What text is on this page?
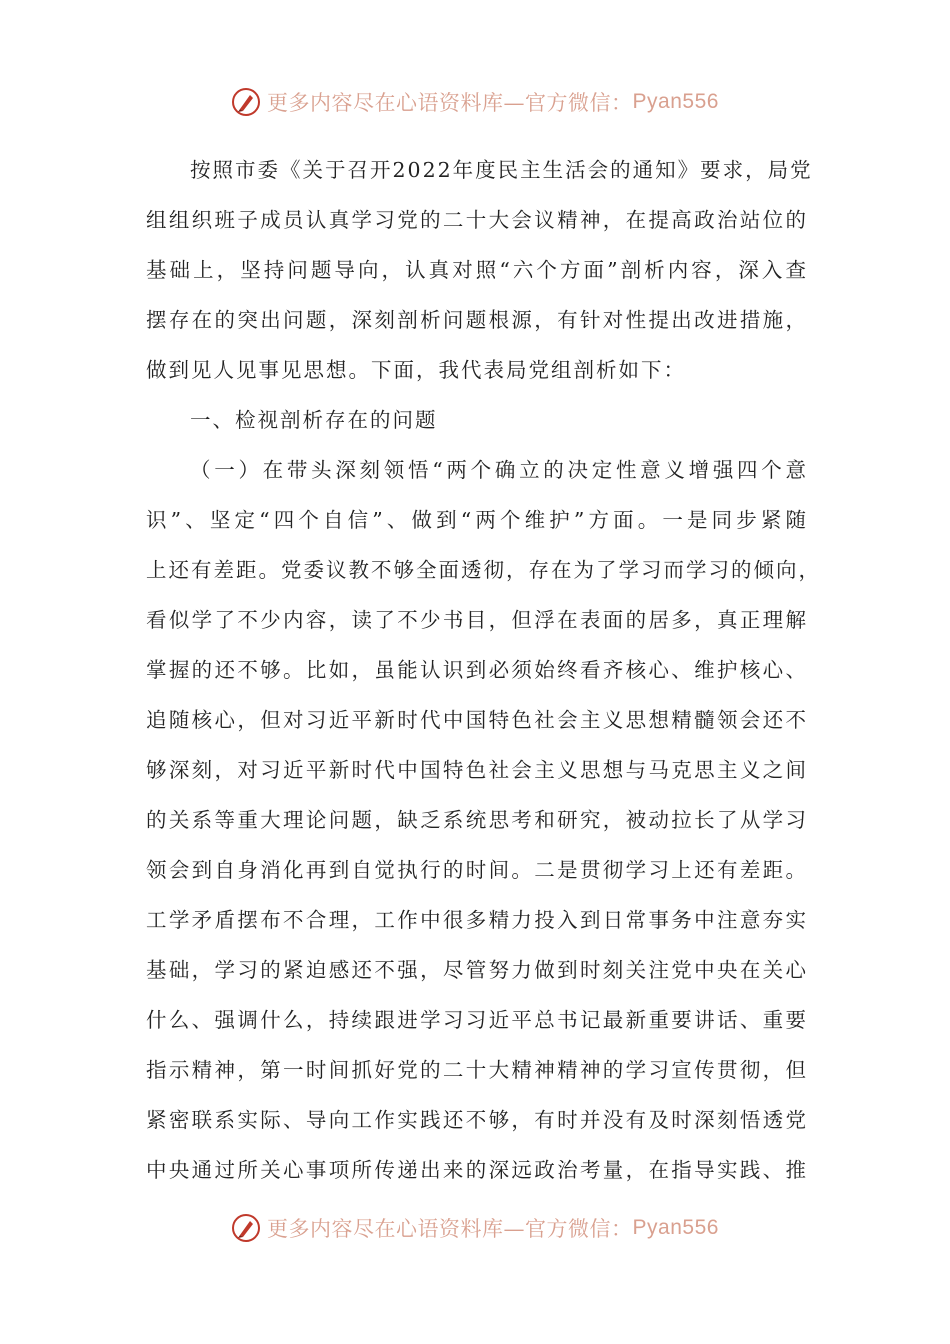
更多内容尽在心语资料库—官方微信： Pyan556
按照市委《关于召开2022年度民主生活会的通知》要求，局党
组组织班子成员认真学习党的二十大会议精神，在提高政治站位的
基础上，坚持问题导向，认真对照“六个方面”剖析内容，深入查
摆存在的突出问题，深刻剖析问题根源，有针对性提出改进措施，
做到见人见事见思想。下面，我代表局党组剖析如下：
一、检视剖析存在的问题
（一）在带头深刻领悟“两个确立的决定性意义增强四个意
识”、坚定“四个自信”、做到“两个维护”方面。一是同步紧随
上还有差距。党委议教不够全面透彻，存在为了学习而学习的倾向，
看似学了不少内容，读了不少书目，但浮在表面的居多，真正理解
掌握的还不够。比如，虽能认识到必须始终看齐核心、维护核心、
追随核心，但对习近平新时代中国特色社会主义思想精髓领会还不
够深刻，对习近平新时代中国特色社会主义思想与马克思主义之间
的关系等重大理论问题，缺乏系统思考和研究，被动拉长了从学习
领会到自身消化再到自觉执行的时间。二是贯彻学习上还有差距。
工学矛盾摆布不合理，工作中很多精力投入到日常事务中注意夯实
基础，学习的紧迫感还不强，尽管努力做到时刻关注党中央在关心
什么、强调什么，持续跟进学习习近平总书记最新重要讲话、重要
指示精神，第一时间抓好党的二十大精神精神的学习宣传贯彻，但
紧密联系实际、导向工作实践还不够，有时并没有及时深刻悟透党
中央通过所关心事项所传递出来的深远政治考量，在指导实践、推
更多内容尽在心语资料库—官方微信： Pyan556
